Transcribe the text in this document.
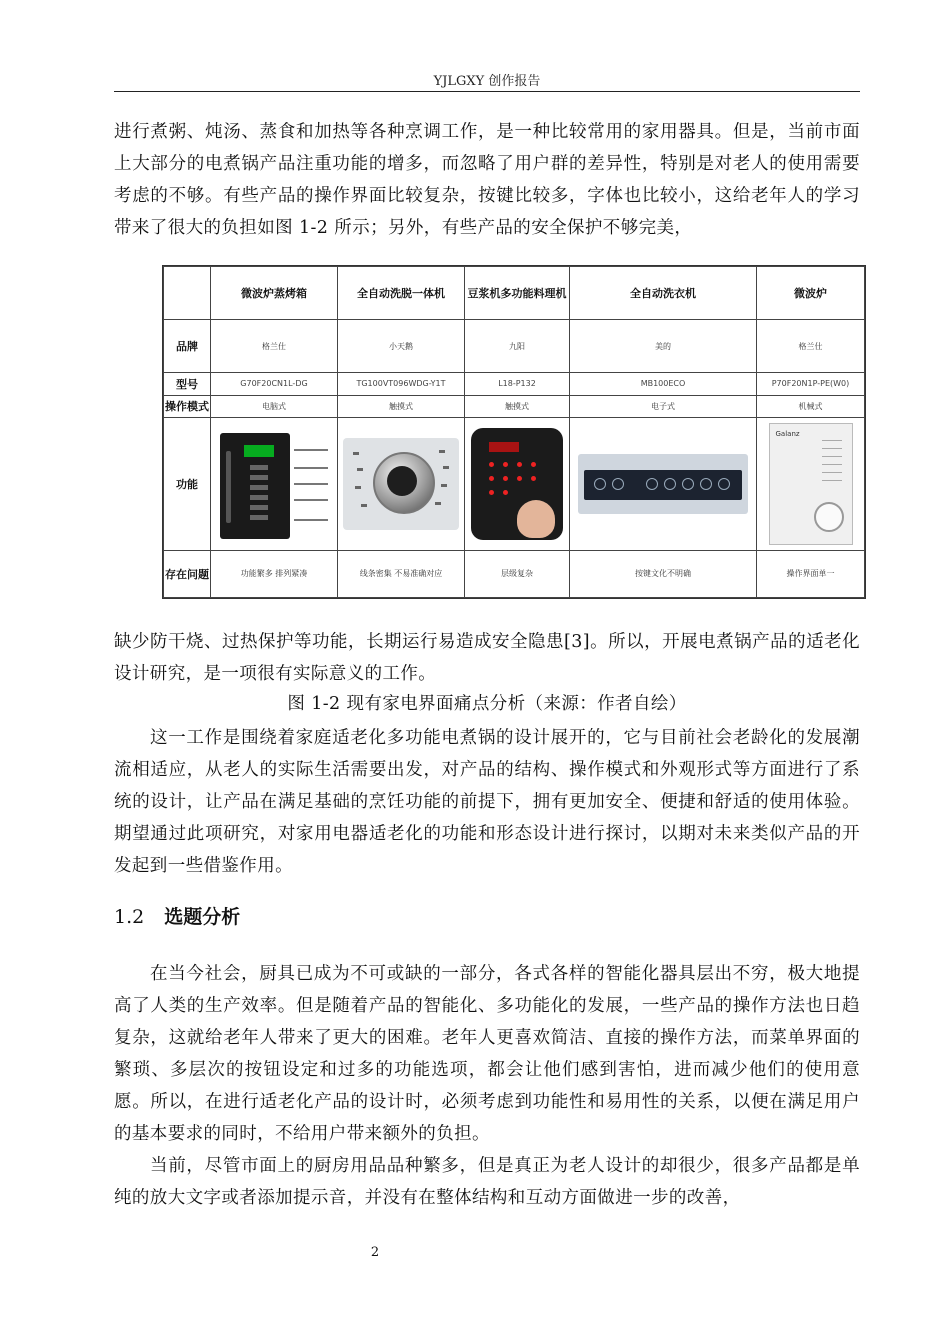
YJLGXY 创作报告

进行煮粥、炖汤、蒸食和加热等各种烹调工作，是一种比较常用的家用器具。但是，当前市面上大部分的电煮锅产品注重功能的增多，而忽略了用户群的差异性，特别是对老人的使用需要考虑的不够。有些产品的操作界面比较复杂，按键比较多，字体也比较小，这给老年人的学习带来了很大的负担如图 1-2 所示；另外，有些产品的安全保护不够完美，

	微波炉蒸烤箱	全自动洗脱一体机	豆浆机多功能料理机	全自动洗衣机	微波炉
品牌	格兰仕	小天鹅	九阳	美的	格兰仕
型号	G70F20CN1L-DG	TG100VT096WDG-Y1T	L18-P132	MB100ECO	P70F20N1P-PE(W0)
操作模式	电脑式	触摸式	触摸式	电子式	机械式
功能					Galanz

存在问题	功能繁多 排列紧凑	线条密集 不易准确对应	层级复杂	按键文化不明确	操作界面单一

缺少防干烧、过热保护等功能，长期运行易造成安全隐患[3]。所以，开展电煮锅产品的适老化设计研究，是一项很有实际意义的工作。

图 1-2 现有家电界面痛点分析（来源：作者自绘）

这一工作是围绕着家庭适老化多功能电煮锅的设计展开的，它与目前社会老龄化的发展潮流相适应，从老人的实际生活需要出发，对产品的结构、操作模式和外观形式等方面进行了系统的设计，让产品在满足基础的烹饪功能的前提下，拥有更加安全、便捷和舒适的使用体验。期望通过此项研究，对家用电器适老化的功能和形态设计进行探讨，以期对未来类似产品的开发起到一些借鉴作用。

1.2 选题分析

在当今社会，厨具已成为不可或缺的一部分，各式各样的智能化器具层出不穷，极大地提高了人类的生产效率。但是随着产品的智能化、多功能化的发展，一些产品的操作方法也日趋复杂，这就给老年人带来了更大的困难。老年人更喜欢简洁、直接的操作方法，而菜单界面的繁琐、多层次的按钮设定和过多的功能选项，都会让他们感到害怕，进而减少他们的使用意愿。所以，在进行适老化产品的设计时，必须考虑到功能性和易用性的关系，以便在满足用户的基本要求的同时，不给用户带来额外的负担。

当前，尽管市面上的厨房用品品种繁多，但是真正为老人设计的却很少，很多产品都是单纯的放大文字或者添加提示音，并没有在整体结构和互动方面做进一步的改善，

2
